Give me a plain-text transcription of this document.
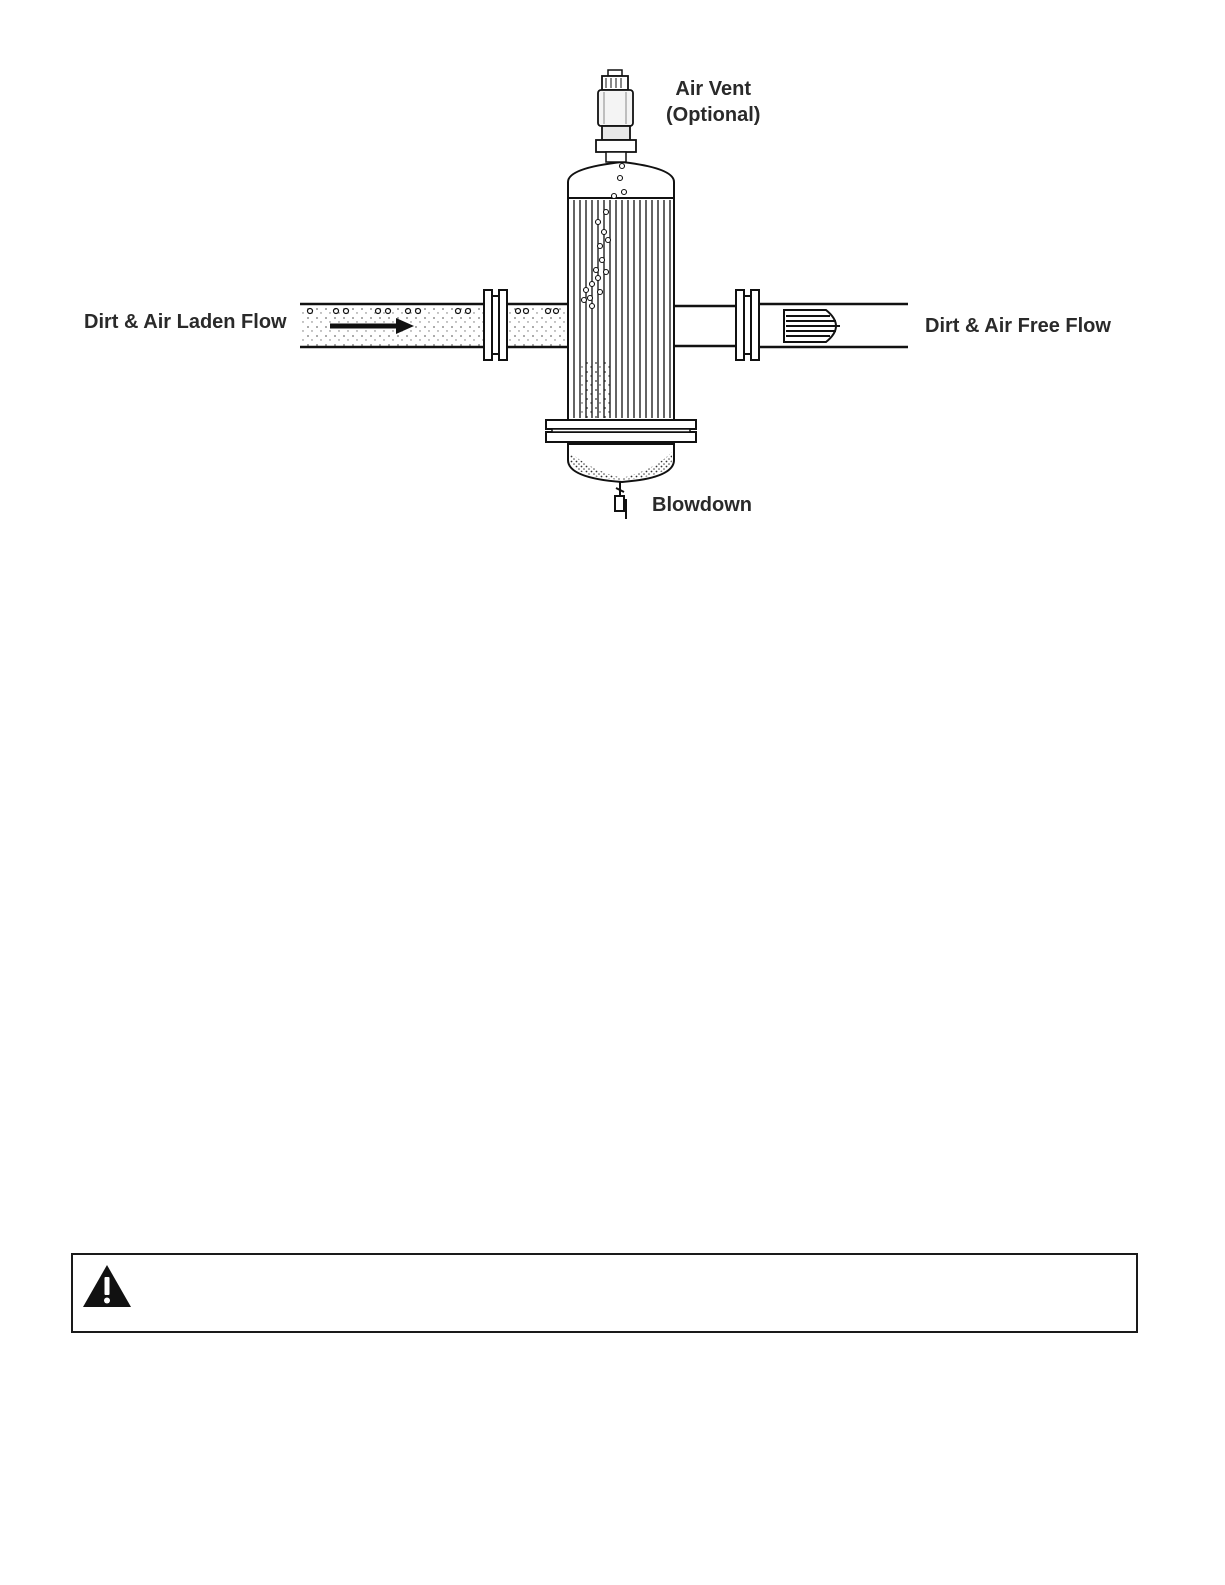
Air Vent
(Optional)
Dirt & Air Laden Flow	Dirt & Air Free Flow
Blowdown
